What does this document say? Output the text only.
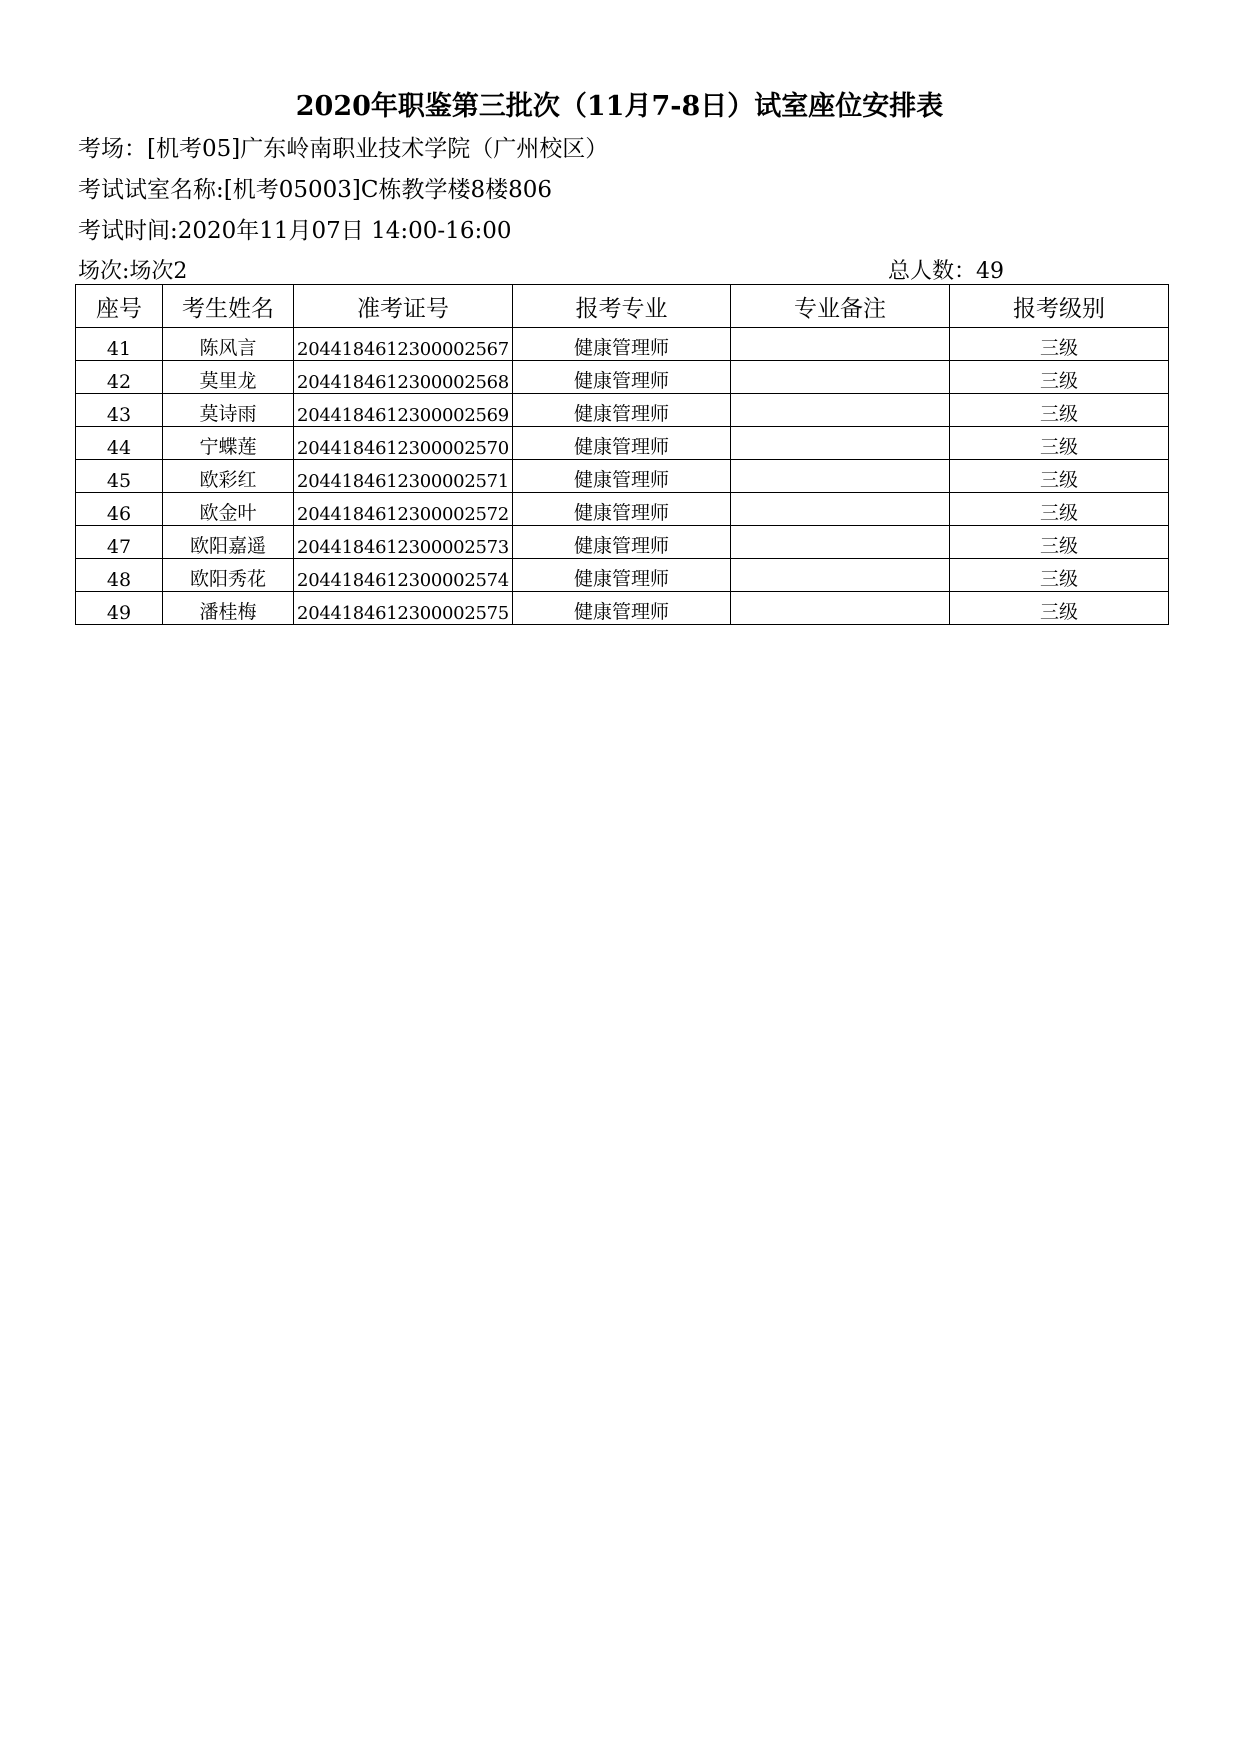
2020年职鉴第三批次（11月7-8日）试室座位安排表
考场：[机考05]广东岭南职业技术学院（广州校区）
考试试室名称:[机考05003]C栋教学楼8楼806
考试时间:2020年11月07日 14:00-16:00
场次:场次2	总人数：49
座号	考生姓名	准考证号	报考专业	专业备注	报考级别
41	陈风言	2044184612300002567	健康管理师		三级
42	莫里龙	2044184612300002568	健康管理师		三级
43	莫诗雨	2044184612300002569	健康管理师		三级
44	宁蝶莲	2044184612300002570	健康管理师		三级
45	欧彩红	2044184612300002571	健康管理师		三级
46	欧金叶	2044184612300002572	健康管理师		三级
47	欧阳嘉遥	2044184612300002573	健康管理师		三级
48	欧阳秀花	2044184612300002574	健康管理师		三级
49	潘桂梅	2044184612300002575	健康管理师		三级
